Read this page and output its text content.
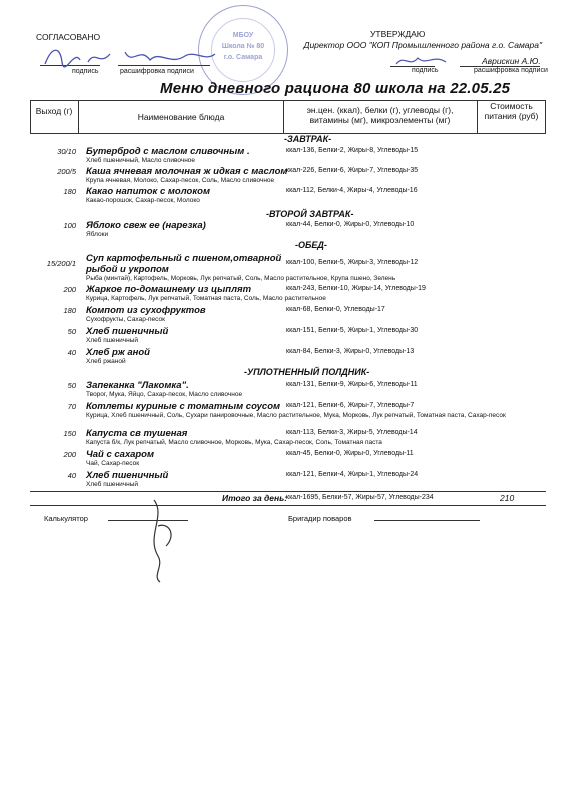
СОГЛАСОВАНО
подпись	расшифровка подписи
УТВЕРЖДАЮ
Директор ООО "КОП Промышленного района г.о. Самара"
подпись
Аврискин А.Ю.
расшифровка подписи
МБОУ
Школа № 80
г.о. Самара
Меню дневного рациона 80 школа на 22.05.25
Выход (г)
Наименование блюда
эн.цен. (ккал), белки (г), углеводы (г), витамины (мг), микроэлементы (мг)
Стоимость питания (руб)
-ЗАВТРАК-
-ВТОРОЙ ЗАВТРАК-
-ОБЕД-
-УПЛОТНЕННЫЙ ПОЛДНИК-
30/10 Бутерброд с маслом сливочным .	ккал-136, Белки-2, Жиры-8, Углеводы-15
Хлеб пшеничный, Масло сливочное
200/5 Каша ячневая молочная ж идкая с маслом
ккал-226, Белки-6, Жиры-7, Углеводы-35
Крупа ячневая, Молоко, Сахар-песок, Соль, Масло сливочное
180 Какао напиток с молоком	ккал-112, Белки-4, Жиры-4, Углеводы-16
Какао-порошок, Сахар-песок, Молоко
100 Яблоко свеж ее (нарезка)	ккал-44, Белки-0, Жиры-0, Углеводы-10
Яблоки
15/200/1 Суп картофельный с пшеном,отварной рыбой и укропом
ккал-100, Белки-5, Жиры-3, Углеводы-12
Рыба (минтай), Картофель, Морковь, Лук репчатый, Соль, Масло растительное, Крупа пшено, Зелень
200 Жаркое по-домашнему из цыплят	ккал-243, Белки-10, Жиры-14, Углеводы-19
Курица, Картофель, Лук репчатый, Томатная паста, Соль, Масло растительное
180 Компот из сухофруктов	ккал-68, Белки-0, Углеводы-17
Сухофрукты, Сахар-песок
50 Хлеб пшеничный	ккал-151, Белки-5, Жиры-1, Углеводы-30
Хлеб пшеничный
40 Хлеб рж аной	ккал-84, Белки-3, Жиры-0, Углеводы-13
Хлеб ржаной
50 Запеканка "Лакомка".	ккал-131, Белки-9, Жиры-6, Углеводы-11
Творог, Мука, Яйцо, Сахар-песок, Масло сливочное
70 Котлеты куриные с томатным соусом ккал-121, Белки-6, Жиры-7, Углеводы-7
Курица, Хлеб пшеничный, Соль, Сухари панировочные, Масло растительное, Мука, Морковь, Лук репчатый, Томатная паста, Сахар-песок
150 Капуста св тушеная	ккал-113, Белки-3, Жиры-5, Углеводы-14
Капуста б/к, Лук репчатый, Масло сливочное, Морковь, Мука, Сахар-песок, Соль, Томатная паста
200 Чай с сахаром	ккал-45, Белки-0, Жиры-0, Углеводы-11
Чай, Сахар-песок
40 Хлеб пшеничный	ккал-121, Белки-4, Жиры-1, Углеводы-24
Хлеб пшеничный
Итого за день:
ккал-1695, Белки-57, Жиры-57, Углеводы-234	210
Калькулятор	Бригадир поваров
